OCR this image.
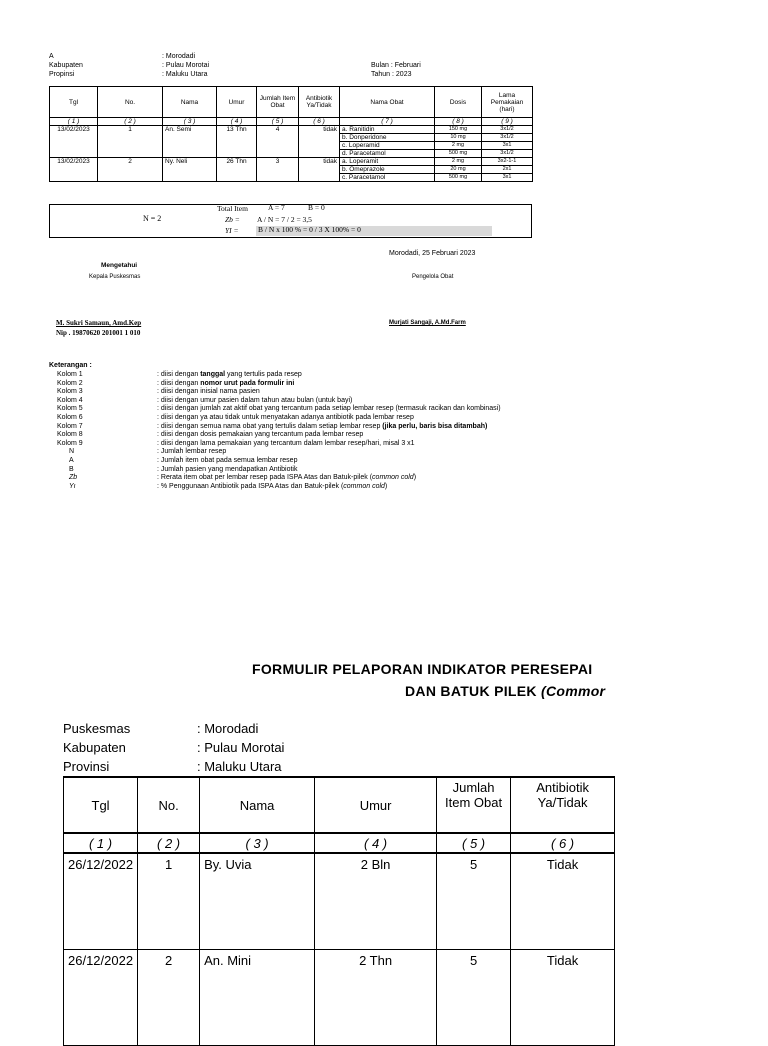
A	: Morodadi
Kabupaten	: Pulau Morotai
Propinsi	: Maluku Utara
Bulan : Februari
Tahun : 2023
Tgl	No.	Nama	Umur	Jumlah Item Obat	Antibiotik Ya/Tidak	Nama Obat	Dosis	Lama Pemakaian (hari)
( 1 )	( 2 )	( 3 )	( 4 )	( 5 )	( 6 )	( 7 )	( 8 )	( 9 )
13/02/2023	1	An. Semi	13 Thn	4	tidak	a. Ranitidin	150 mg	3x1/2
						b. Donperidone	10 mg	3x1/2
						c. Loperamid	2 mg	3x1
						d. Paracetamol	500 mg	3x1/2
13/02/2023	2	Ny. Neli	26 Thn	3	tidak	a. Loperamit	2 mg	3x2-1-1
						b. Omeprazole	20 mg	2x1
						c. Paracetamol	500 mg	3x1
N = 2
Total Item	A = 7	B = 0
Zb = A / N = 7 / 2 = 3,5
YI =	B / N x 100 % = 0 / 3 X 100% = 0
Morodadi, 25 Februari 2023
Mengetahui
Kepala Puskesmas	Pengelola Obat
M. Sukri Samaun, Amd.Kep
Nip . 19870620 201001 1 010
Murjati Sangaji, A.Md.Farm
Keterangan :
Kolom 1	: diisi dengan tanggal yang tertulis pada resep
Kolom 2	: diisi dengan nomor urut pada formulir ini
Kolom 3	: diisi dengan inisial nama pasien
Kolom 4	: diisi dengan umur pasien dalam tahun atau bulan (untuk bayi)
Kolom 5	: diisi dengan jumlah zat aktif obat yang tercantum pada setiap lembar resep (termasuk racikan dan kombinasi)
Kolom 6	: diisi dengan ya atau tidak untuk menyatakan adanya antibiotik pada lembar resep
Kolom 7	: diisi dengan semua nama obat yang tertulis dalam setiap lembar resep (jika perlu, baris bisa ditambah)
Kolom 8	: diisi dengan dosis pemakaian yang tercantum pada lembar resep
Kolom 9	: diisi dengan lama pemakaian yang tercantum dalam lembar resep/hari, misal 3 x1
N	: Jumlah lembar resep
A	: Jumlah item obat pada semua lembar resep
B	: Jumlah pasien yang mendapatkan Antibiotik
Zb	: Rerata item obat per lembar resep pada ISPA Atas dan Batuk-pilek (common cold)
Yı	: % Penggunaan Antibiotik pada ISPA Atas dan Batuk-pilek (common cold)
FORMULIR PELAPORAN INDIKATOR PERESEPAI
DAN BATUK PILEK (Commor
Puskesmas	: Morodadi
Kabupaten	: Pulau Morotai
Provinsi	: Maluku Utara
Tgl	No.	Nama	Umur	Jumlah Item Obat	Antibiotik Ya/Tidak
( 1 )	( 2 )	( 3 )	( 4 )	( 5 )	( 6 )
26/12/2022	1	By. Uvia	2 Bln	5	Tidak
26/12/2022	2	An. Mini	2 Thn	5	Tidak
